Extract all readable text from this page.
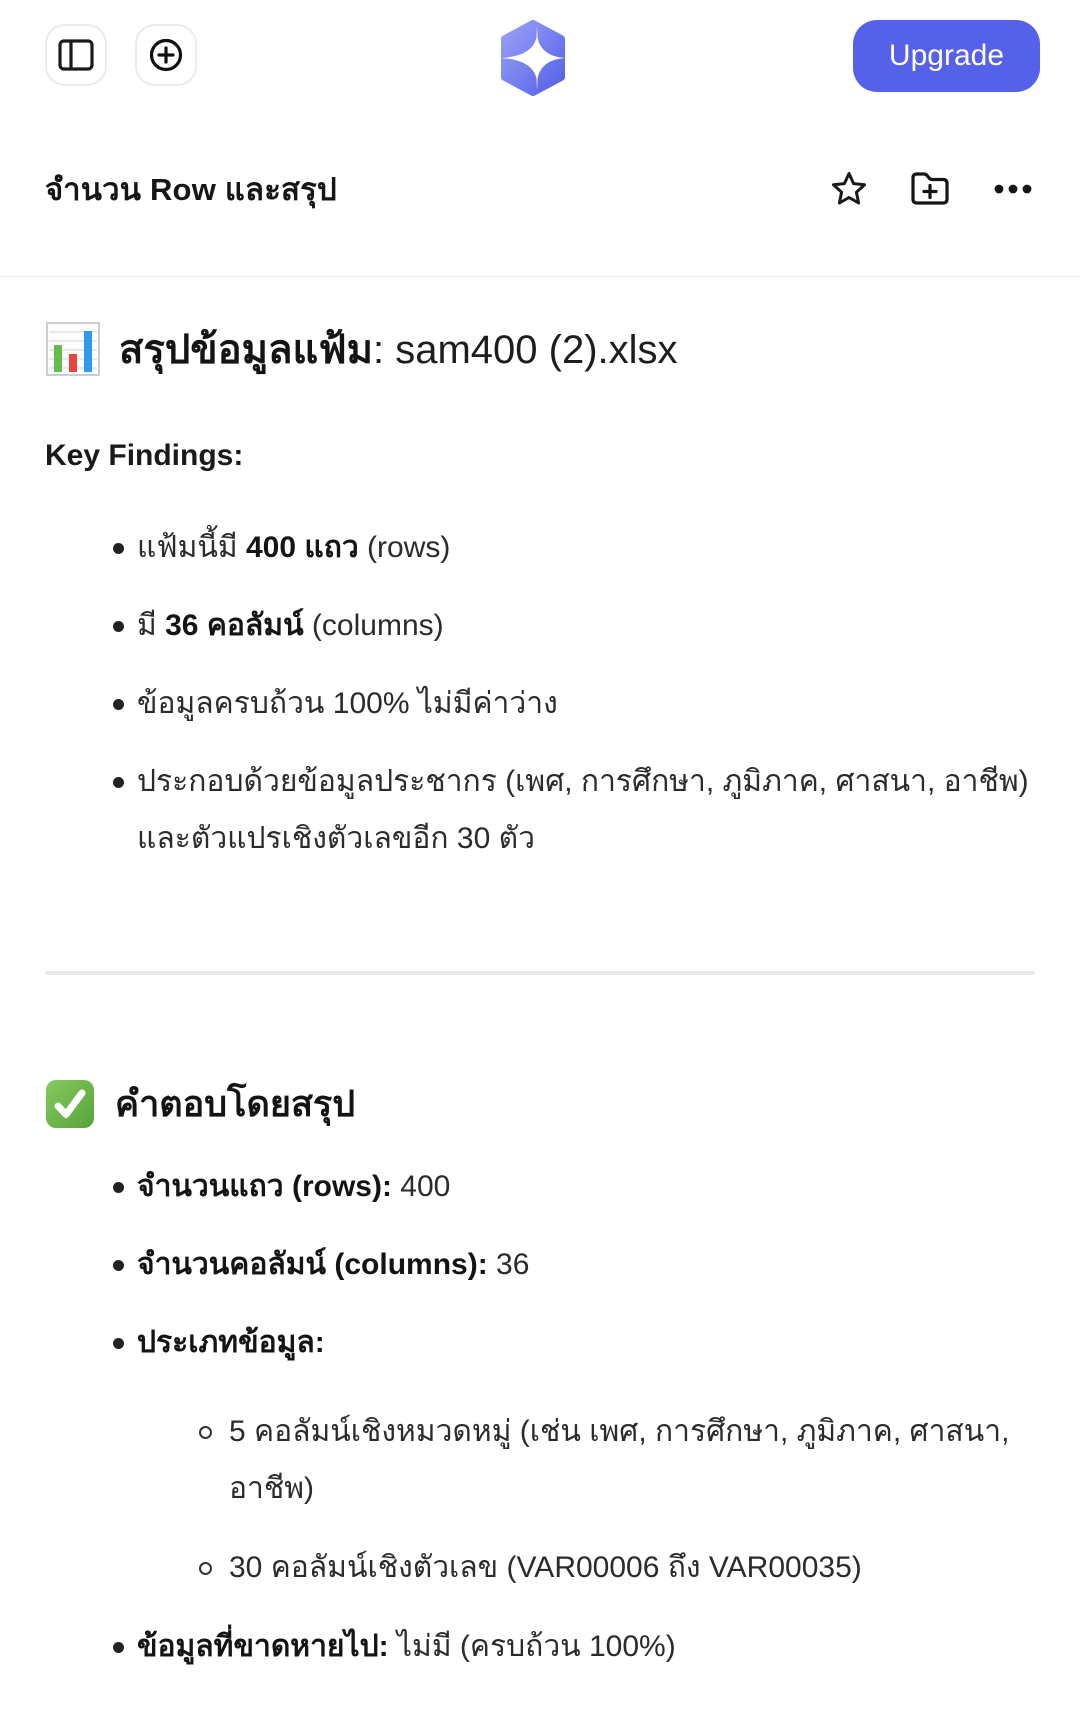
Upgrade
จำนวน Row และสรุป
สรุปข้อมูลแฟ้ม: sam400 (2).xlsx

Key Findings:

แฟ้มนี้มี 400 แถว (rows)
มี 36 คอลัมน์ (columns)
ข้อมูลครบถ้วน 100% ไม่มีค่าว่าง
ประกอบด้วยข้อมูลประชากร (เพศ, การศึกษา, ภูมิภาค, ศาสนา, อาชีพ) และตัวแปรเชิงตัวเลขอีก 30 ตัว
คำตอบโดยสรุป
จำนวนแถว (rows): 400
จำนวนคอลัมน์ (columns): 36
ประเภทข้อมูล:
5 คอลัมน์เชิงหมวดหมู่ (เช่น เพศ, การศึกษา, ภูมิภาค, ศาสนา, อาชีพ)
30 คอลัมน์เชิงตัวเลข (VAR00006 ถึง VAR00035)
ข้อมูลที่ขาดหายไป: ไม่มี (ครบถ้วน 100%)
